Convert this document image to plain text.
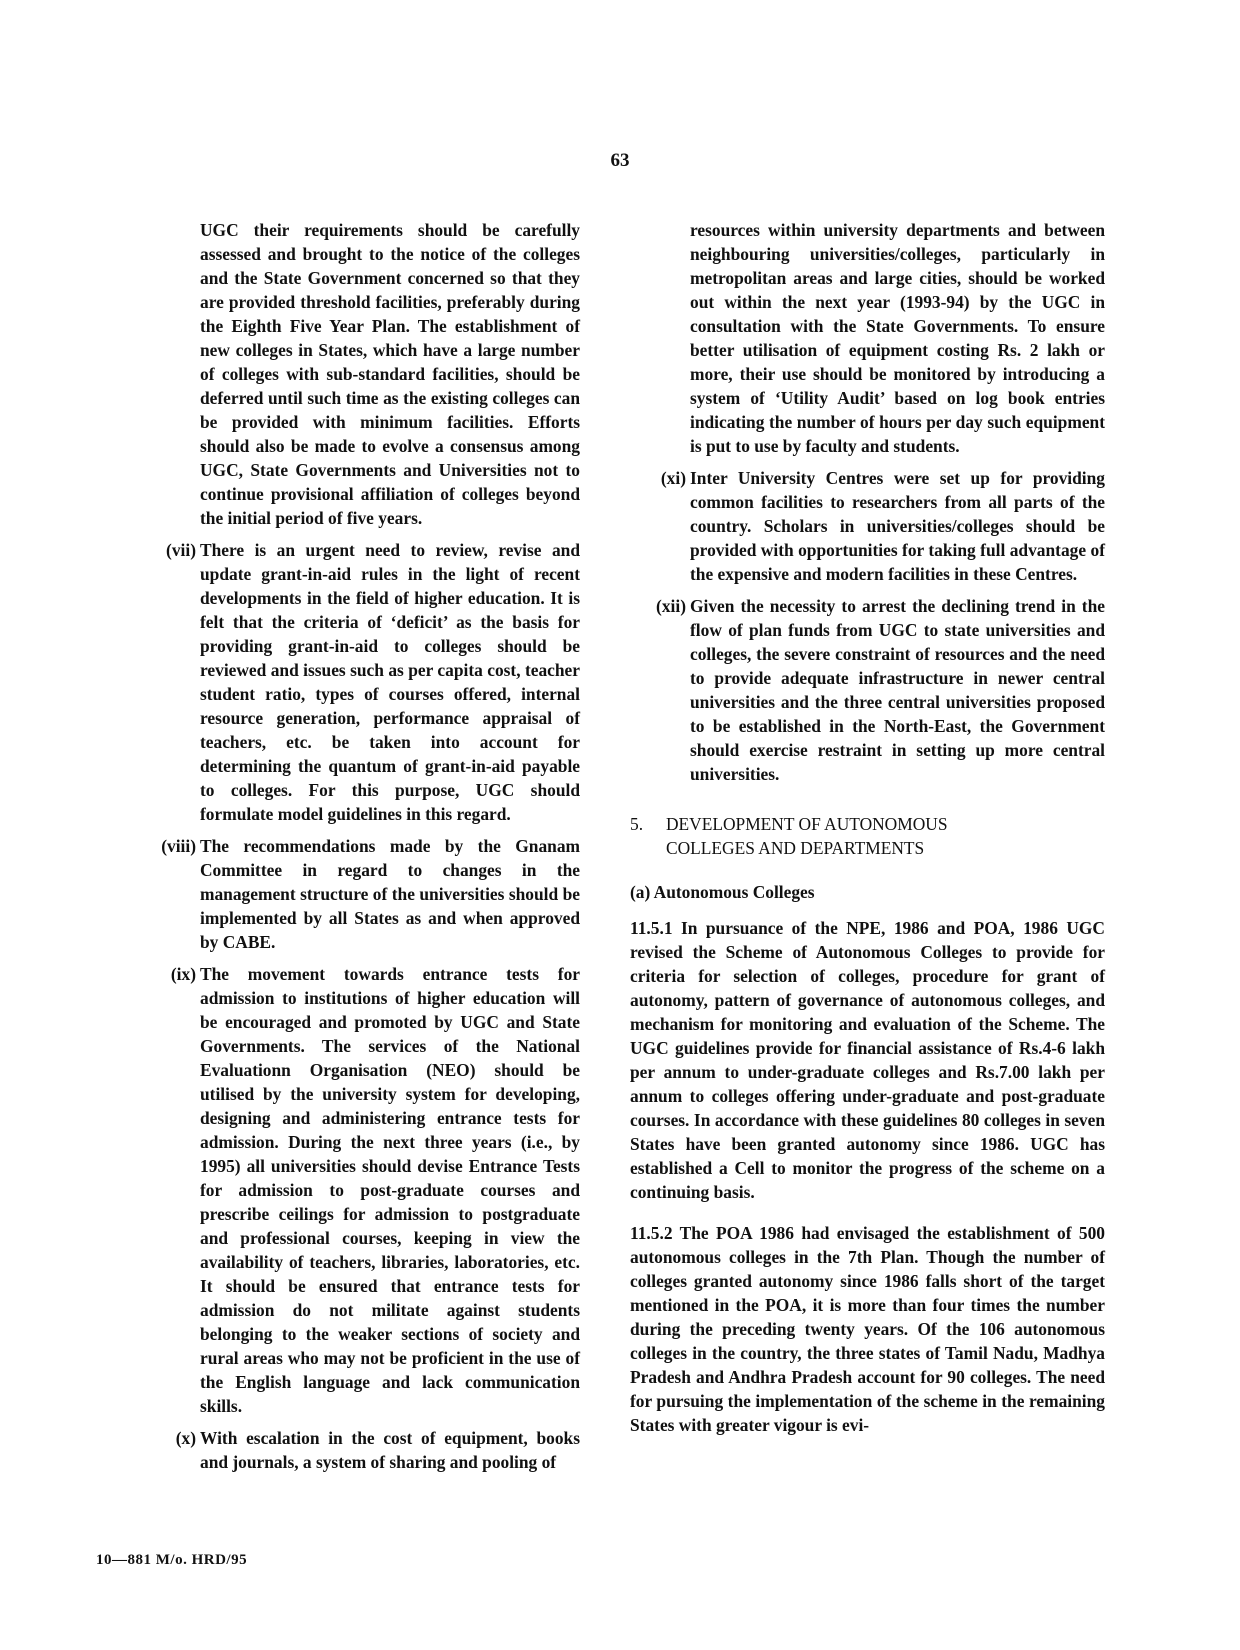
63

UGC their requirements should be carefully assessed and brought to the notice of the colleges and the State Government concerned so that they are provided threshold facilities, preferably during the Eighth Five Year Plan. The establishment of new colleges in States, which have a large number of colleges with sub-standard facilities, should be deferred until such time as the existing colleges can be provided with minimum facilities. Efforts should also be made to evolve a consensus among UGC, State Governments and Universities not to continue provisional affiliation of colleges beyond the initial period of five years.

(vii) There is an urgent need to review, revise and update grant-in-aid rules in the light of recent developments in the field of higher education. It is felt that the criteria of ‘deficit’ as the basis for providing grant-in-aid to colleges should be reviewed and issues such as per capita cost, teacher student ratio, types of courses offered, internal resource generation, performance appraisal of teachers, etc. be taken into account for determining the quantum of grant-in-aid payable to colleges. For this purpose, UGC should formulate model guidelines in this regard.
(viii) The recommendations made by the Gnanam Committee in regard to changes in the management structure of the universities should be implemented by all States as and when approved by CABE.
(ix) The movement towards entrance tests for admission to institutions of higher education will be encouraged and promoted by UGC and State Governments. The services of the National Evaluationn Organisation (NEO) should be utilised by the university system for developing, designing and administering entrance tests for admission. During the next three years (i.e., by 1995) all universities should devise Entrance Tests for admission to post-graduate courses and prescribe ceilings for admission to postgraduate and professional courses, keeping in view the availability of teachers, libraries, laboratories, etc. It should be ensured that entrance tests for admission do not militate against students belonging to the weaker sections of society and rural areas who may not be proficient in the use of the English language and lack communication skills.
(x) With escalation in the cost of equipment, books and journals, a system of sharing and pooling of

resources within university departments and between neighbouring universities/colleges, particularly in metropolitan areas and large cities, should be worked out within the next year (1993-94) by the UGC in consultation with the State Governments. To ensure better utilisation of equipment costing Rs. 2 lakh or more, their use should be monitored by introducing a system of ‘Utility Audit’ based on log book entries indicating the number of hours per day such equipment is put to use by faculty and students.

(xi) Inter University Centres were set up for providing common facilities to researchers from all parts of the country. Scholars in universities/colleges should be provided with opportunities for taking full advantage of the expensive and modern facilities in these Centres.
(xii) Given the necessity to arrest the declining trend in the flow of plan funds from UGC to state universities and colleges, the severe constraint of resources and the need to provide adequate infrastructure in newer central universities and the three central universities proposed to be established in the North-East, the Government should exercise restraint in setting up more central universities.
5. DEVELOPMENT OF AUTONOMOUS
COLLEGES AND DEPARTMENTS
(a) Autonomous Colleges

11.5.1 In pursuance of the NPE, 1986 and POA, 1986 UGC revised the Scheme of Autonomous Colleges to provide for criteria for selection of colleges, procedure for grant of autonomy, pattern of governance of autonomous colleges, and mechanism for monitoring and evaluation of the Scheme. The UGC guidelines provide for financial assistance of Rs.4-6 lakh per annum to under-graduate colleges and Rs.7.00 lakh per annum to colleges offering under-graduate and post-graduate courses. In accordance with these guidelines 80 colleges in seven States have been granted autonomy since 1986. UGC has established a Cell to monitor the progress of the scheme on a continuing basis.

11.5.2 The POA 1986 had envisaged the establishment of 500 autonomous colleges in the 7th Plan. Though the number of colleges granted autonomy since 1986 falls short of the target mentioned in the POA, it is more than four times the number during the preceding twenty years. Of the 106 autonomous colleges in the country, the three states of Tamil Nadu, Madhya Pradesh and Andhra Pradesh account for 90 colleges. The need for pursuing the implementation of the scheme in the remaining States with greater vigour is evi-

10—881 M/o. HRD/95
